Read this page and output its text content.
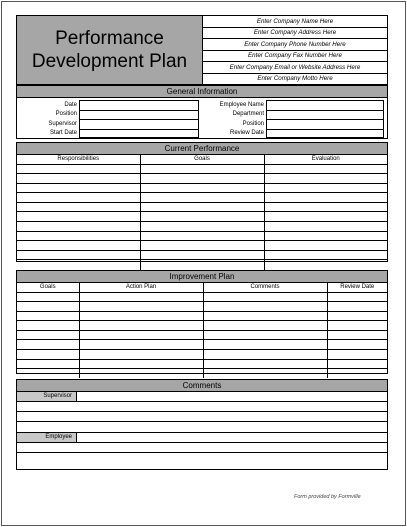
Performance
Development Plan
Enter Company Name Here
Enter Company Address Here
Enter Company Phone Number Here
Enter Company Fax Number Here
Enter Company Email or Website Address Here
Enter Company Motto Here
General Information
Date
Position
Supervisor
Start Date
Employee Name
Department
Position
Review Date
Current Performance
Responsibilities	Goals	Evaluation

Improvement Plan
Goals	Action Plan	Comments	Review Date

Comments
Supervisor
Employee
Form provided by Formville
